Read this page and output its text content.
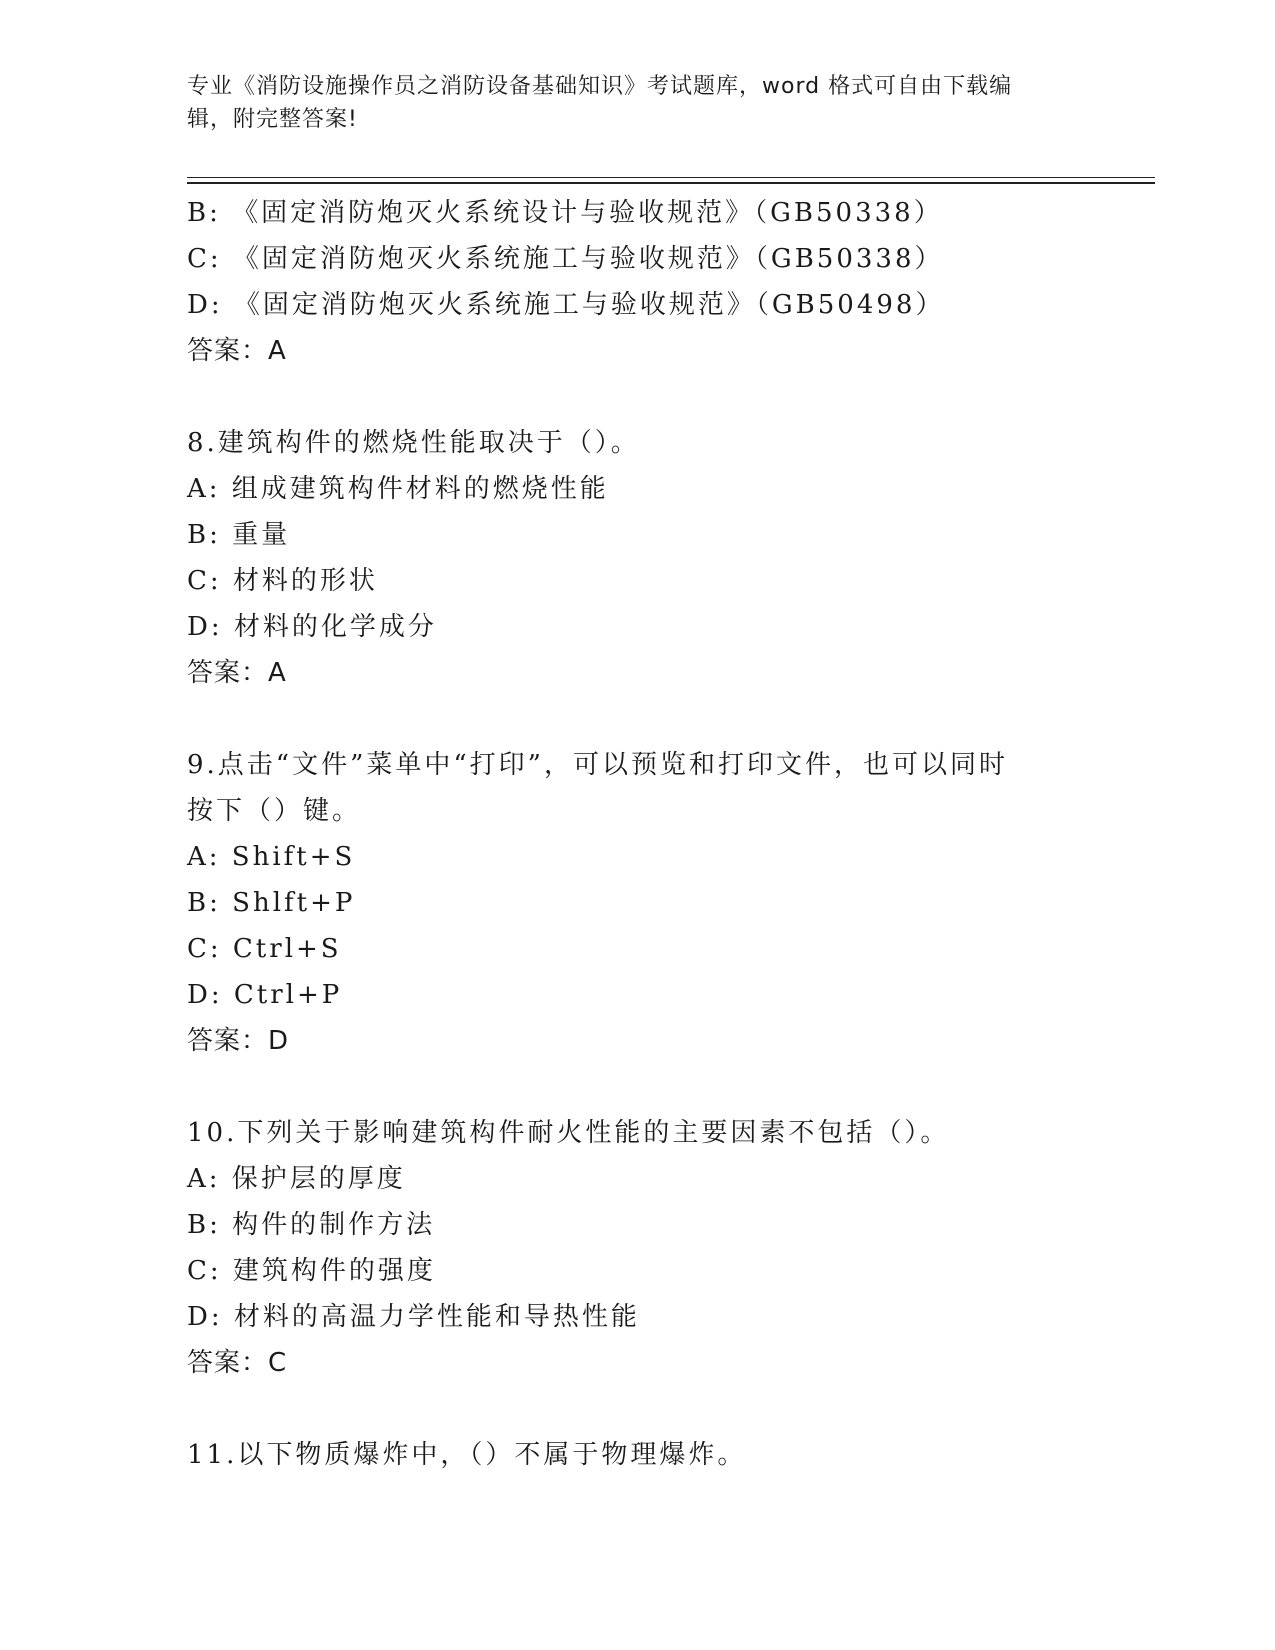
专业《消防设施操作员之消防设备基础知识》考试题库，word 格式可自由下载编
辑，附完整答案!
B: 《固定消防炮灭火系统设计与验收规范》（GB50338）
C: 《固定消防炮灭火系统施工与验收规范》（GB50338）
D: 《固定消防炮灭火系统施工与验收规范》（GB50498）
答案：A
8.建筑构件的燃烧性能取决于（）。
A: 组成建筑构件材料的燃烧性能
B: 重量
C: 材料的形状
D: 材料的化学成分
答案：A
9.点击“文件”菜单中“打印”，可以预览和打印文件，也可以同时
按下（）键。
A: Shift+S
B: Shlft+P
C: Ctrl+S
D: Ctrl+P
答案：D
10.下列关于影响建筑构件耐火性能的主要因素不包括（）。
A: 保护层的厚度
B: 构件的制作方法
C: 建筑构件的强度
D: 材料的高温力学性能和导热性能
答案：C
11.以下物质爆炸中，（）不属于物理爆炸。
